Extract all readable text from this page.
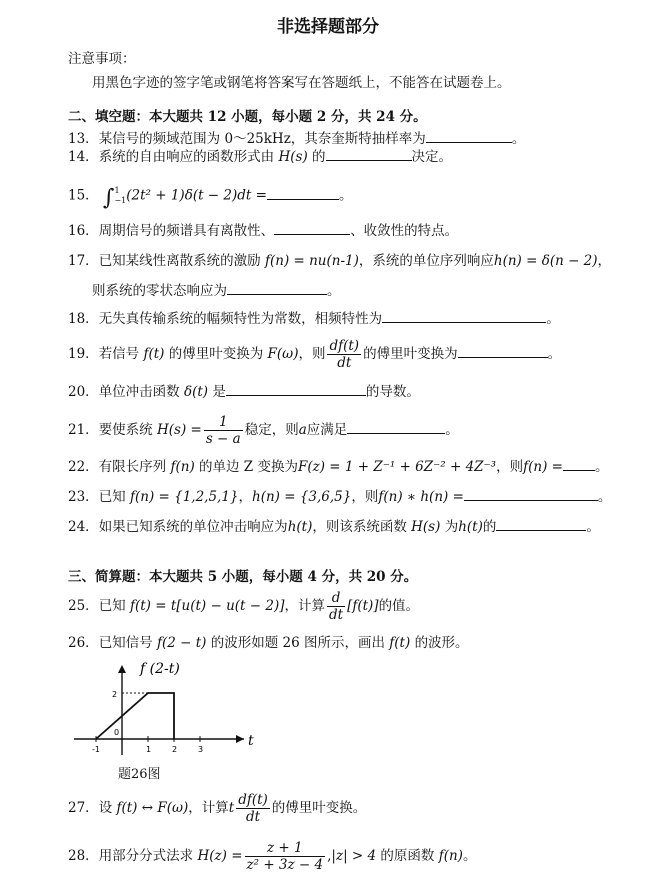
非选择题部分
注意事项：
用黑色字迹的签字笔或钢笔将答案写在答题纸上，不能答在试题卷上。
二、填空题：本大题共 12 小题，每小题 2 分，共 24 分。
13．某信号的频域范围为 0～25kHz，其奈奎斯特抽样率为	。
14．系统的自由响应的函数形式由 H(s) 的	决定。
15． ∫ 1
−1 (2t² + 1)δ(t − 2)dt =	。
16．周期信号的频谱具有离散性、	、收敛性的特点。
17．已知某线性离散系统的激励 f(n) = nu(n-1)，系统的单位序列响应h(n) = δ(n − 2)，
则系统的零状态响应为	。
18．无失真传输系统的幅频特性为常数，相频特性为	。
19．若信号 f(t) 的傅里叶变换为 F(ω)，则 $\frac{df(t)}{dt}$ 的傅里叶变换为	。
20．单位冲击函数 δ(t) 是	的导数。
21．要使系统 $H(s) = \frac{1}{s - a}$ 稳定，则a应满足	。
22．有限长序列 f(n) 的单边 Z 变换为F(z) = 1 + Z⁻¹ + 6Z⁻² + 4Z⁻³，则f(n) = 。
23．已知 f(n) = {1,2,5,1}，h(n) = {3,6,5}，则f(n) ∗ h(n) =	。
24．如果已知系统的单位冲击响应为h(t)，则该系统函数 H(s) 为h(t)的	。
三、简算题：本大题共 5 小题，每小题 4 分，共 20 分。
25．已知 f(t) = t[u(t) − u(t − 2)]，计算 $\frac{d}{dt} [f(t)]$的值。
26．已知信号 f(2 − t) 的波形如题 26 图所示，画出 f(t) 的波形。
f (2-t)
t
2
0
-1	1	2	3
题26图
27．设 f(t) ↔ F(ω)，计算t $\frac{df(t)}{dt}$ 的傅里叶变换。
28．用部分分式法求 $H(z) = \frac{z + 1}{\text{z² + 3z − 4}} ,|z| > 4$ 的原函数 f(n)。
